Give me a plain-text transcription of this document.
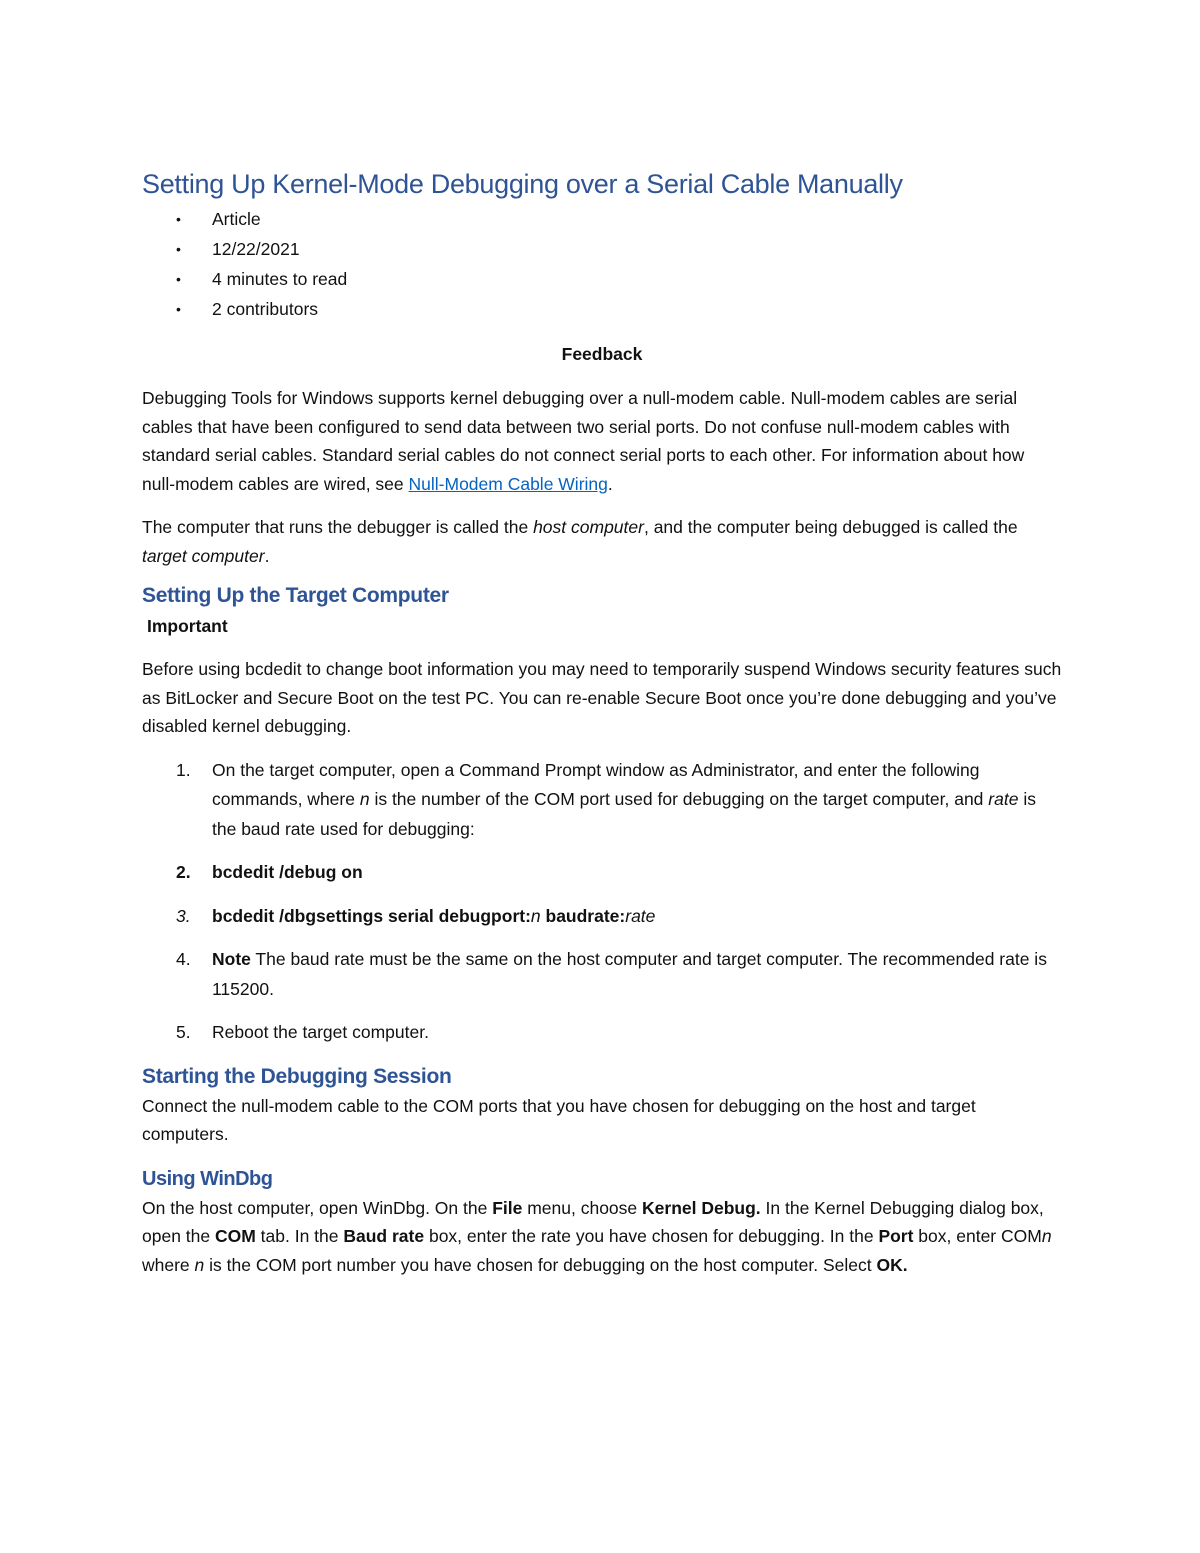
Setting Up Kernel-Mode Debugging over a Serial Cable Manually
• Article
• 12/22/2021
• 4 minutes to read
• 2 contributors
Feedback

Debugging Tools for Windows supports kernel debugging over a null-modem cable. Null-modem cables are serial cables that have been configured to send data between two serial ports. Do not confuse null-modem cables with standard serial cables. Standard serial cables do not connect serial ports to each other. For information about how null-modem cables are wired, see Null-Modem Cable Wiring.

The computer that runs the debugger is called the host computer, and the computer being debugged is called the target computer.

Setting Up the Target Computer
Important

Before using bcdedit to change boot information you may need to temporarily suspend Windows security features such as BitLocker and Secure Boot on the test PC. You can re-enable Secure Boot once you’re done debugging and you’ve disabled kernel debugging.

1. On the target computer, open a Command Prompt window as Administrator, and enter the following commands, where n is the number of the COM port used for debugging on the target computer, and rate is the baud rate used for debugging:
2. bcdedit /debug on
3. bcdedit /dbgsettings serial debugport:n baudrate:rate
4. Note The baud rate must be the same on the host computer and target computer. The recommended rate is 115200.
5. Reboot the target computer.
Starting the Debugging Session

Connect the null-modem cable to the COM ports that you have chosen for debugging on the host and target computers.

Using WinDbg

On the host computer, open WinDbg. On the File menu, choose Kernel Debug. In the Kernel Debugging dialog box, open the COM tab. In the Baud rate box, enter the rate you have chosen for debugging. In the Port box, enter COMn where n is the COM port number you have chosen for debugging on the host computer. Select OK.
